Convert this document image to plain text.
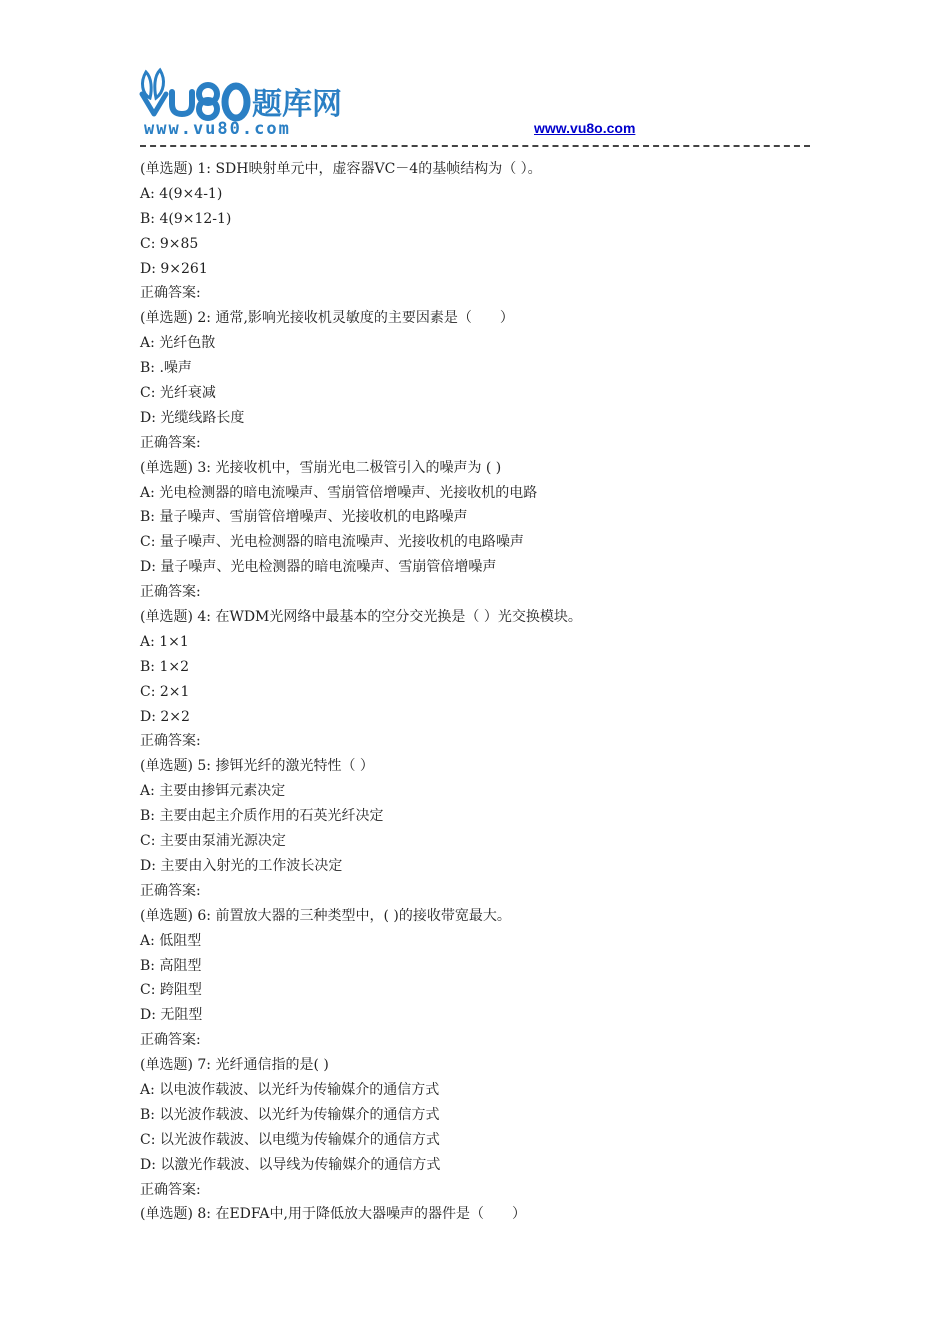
题库网
www.vu80.com	www.vu8o.com
(单选题) 1: SDH映射单元中，虚容器VC－4的基帧结构为（ ）。
A: 4(9×4-1)
B: 4(9×12-1)
C: 9×85
D: 9×261
正确答案:
(单选题) 2: 通常,影响光接收机灵敏度的主要因素是（　　）
A: 光纤色散
B: .噪声
C: 光纤衰减
D: 光缆线路长度
正确答案:
(单选题) 3: 光接收机中，雪崩光电二极管引入的噪声为 ( )
A: 光电检测器的暗电流噪声、雪崩管倍增噪声、光接收机的电路
B: 量子噪声、雪崩管倍增噪声、光接收机的电路噪声
C: 量子噪声、光电检测器的暗电流噪声、光接收机的电路噪声
D: 量子噪声、光电检测器的暗电流噪声、雪崩管倍增噪声
正确答案:
(单选题) 4: 在WDM光网络中最基本的空分交光换是（ ）光交换模块。
A: 1×1
B: 1×2
C: 2×1
D: 2×2
正确答案:
(单选题) 5: 掺铒光纤的激光特性（ ）
A: 主要由掺铒元素决定
B: 主要由起主介质作用的石英光纤决定
C: 主要由泵浦光源决定
D: 主要由入射光的工作波长决定
正确答案:
(单选题) 6: 前置放大器的三种类型中，( )的接收带宽最大。
A: 低阻型
B: 高阻型
C: 跨阻型
D: 无阻型
正确答案:
(单选题) 7: 光纤通信指的是( )
A: 以电波作载波、以光纤为传输媒介的通信方式
B: 以光波作载波、以光纤为传输媒介的通信方式
C: 以光波作载波、以电缆为传输媒介的通信方式
D: 以激光作载波、以导线为传输媒介的通信方式
正确答案:
(单选题) 8: 在EDFA中,用于降低放大器噪声的器件是（　　）
